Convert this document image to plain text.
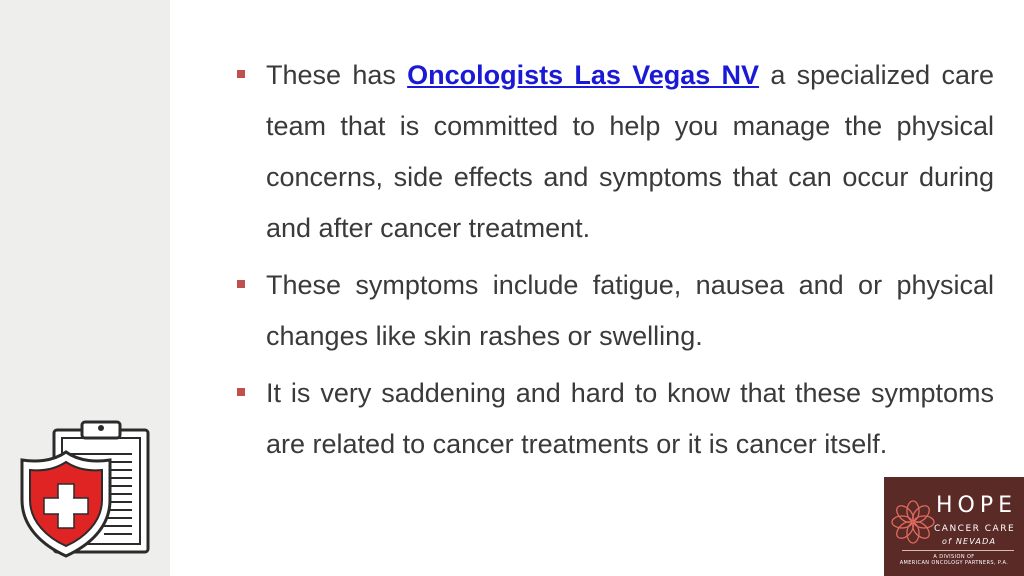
These has Oncologists Las Vegas NV a specialized care team that is committed to help you manage the physical concerns, side effects and symptoms that can occur during and after cancer treatment.

These symptoms include fatigue, nausea and or physical changes like skin rashes or swelling.

It is very saddening and hard to know that these symptoms are related to cancer treatments or it is cancer itself.

HOPE
CANCER CARE
of NEVADA
A DIVISION OF
AMERICAN ONCOLOGY PARTNERS, P.A.
